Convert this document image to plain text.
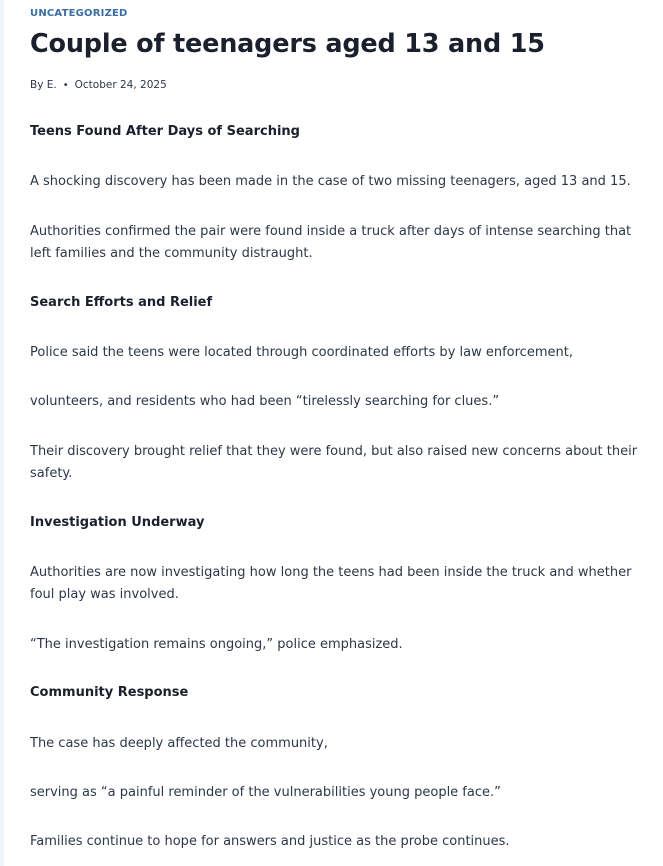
UNCATEGORIZED
Couple of teenagers aged 13 and 15
By E. • October 24, 2025
Teens Found After Days of Searching

A shocking discovery has been made in the case of two missing teenagers, aged 13 and 15.

Authorities confirmed the pair were found inside a truck after days of intense searching that left families and the community distraught.

Search Efforts and Relief

Police said the teens were located through coordinated efforts by law enforcement,

volunteers, and residents who had been “tirelessly searching for clues.”

Their discovery brought relief that they were found, but also raised new concerns about their safety.

Investigation Underway

Authorities are now investigating how long the teens had been inside the truck and whether foul play was involved.

“The investigation remains ongoing,” police emphasized.

Community Response

The case has deeply affected the community,

serving as “a painful reminder of the vulnerabilities young people face.”

Families continue to hope for answers and justice as the probe continues.
